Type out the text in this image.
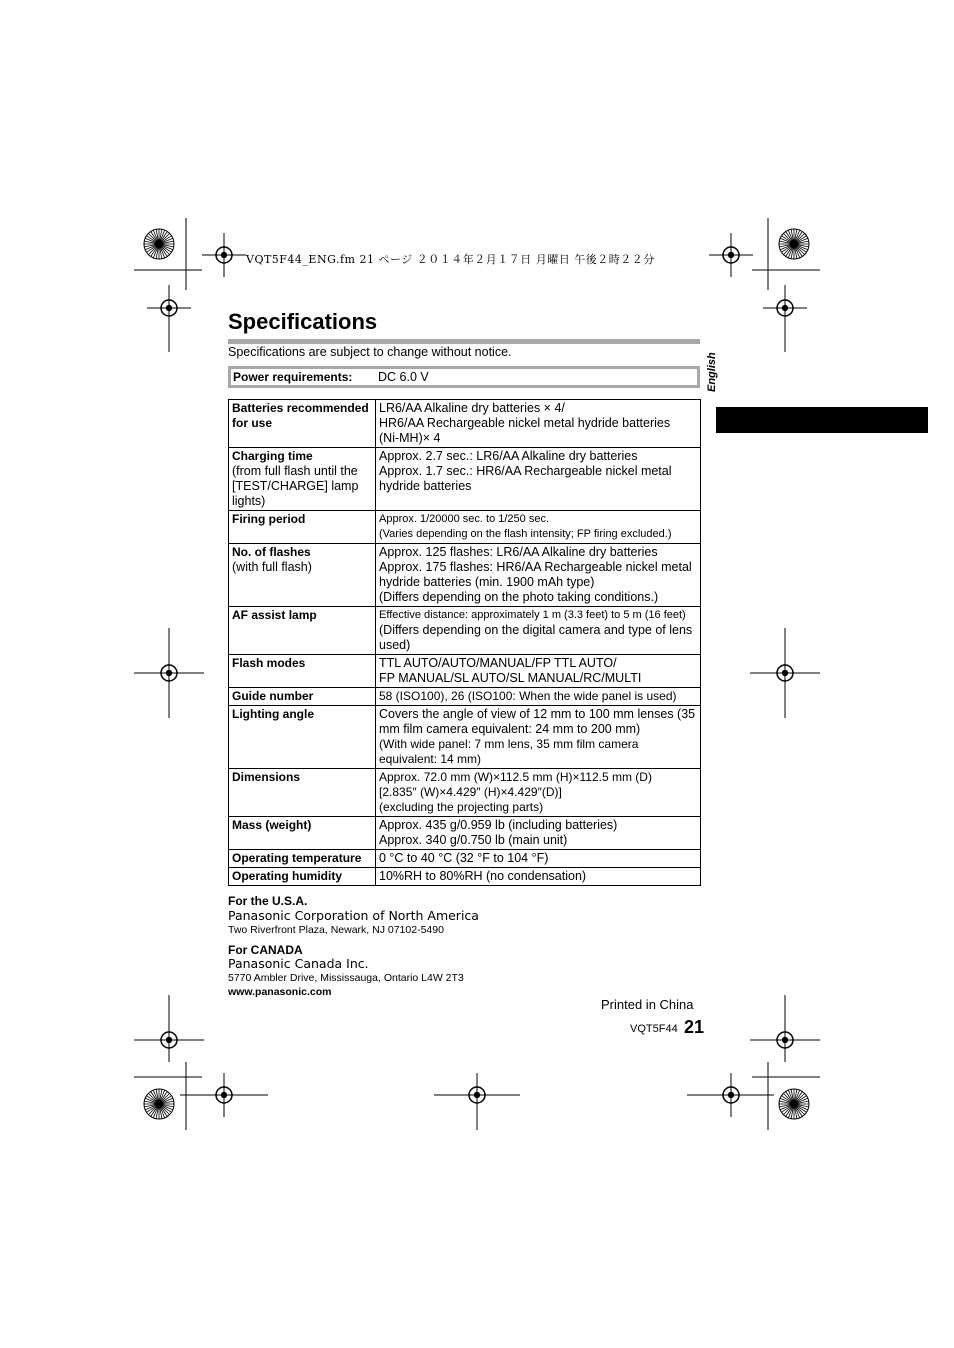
VQT5F44_ENG.fm 21 ページ ２０１４年２月１７日 月曜日 午後２時２２分
Specifications
Specifications are subject to change without notice.
Power requirements: DC 6.0 V	English
Batteries recommended for use	LR6/AA Alkaline dry batteries × 4/
HR6/AA Rechargeable nickel metal hydride batteries
(Ni-MH)× 4

Charging time
(from full flash until the [TEST/CHARGE] lamp lights)	Approx. 2.7 sec.: LR6/AA Alkaline dry batteries
Approx. 1.7 sec.: HR6/AA Rechargeable nickel metal hydride batteries

Firing period	Approx. 1/20000 sec. to 1/250 sec.
(Varies depending on the flash intensity; FP firing excluded.)

No. of flashes
(with full flash)	Approx. 125 flashes: LR6/AA Alkaline dry batteries
Approx. 175 flashes: HR6/AA Rechargeable nickel metal hydride batteries (min. 1900 mAh type)
(Differs depending on the photo taking conditions.)

AF assist lamp	Effective distance: approximately 1 m (3.3 feet) to 5 m (16 feet)
(Differs depending on the digital camera and type of lens used)

Flash modes	TTL AUTO/AUTO/MANUAL/FP TTL AUTO/
FP MANUAL/SL AUTO/SL MANUAL/RC/MULTI

Guide number	58 (ISO100), 26 (ISO100: When the wide panel is used)

Lighting angle	Covers the angle of view of 12 mm to 100 mm lenses (35 mm film camera equivalent: 24 mm to 200 mm)
(With wide panel: 7 mm lens, 35 mm film camera equivalent: 14 mm)

Dimensions	Approx. 72.0 mm (W)×112.5 mm (H)×112.5 mm (D)
[2.835″ (W)×4.429″ (H)×4.429″(D)]
(excluding the projecting parts)

Mass (weight)	Approx. 435 g/0.959 lb (including batteries)
Approx. 340 g/0.750 lb (main unit)

Operating temperature	0 °C to 40 °C (32 °F to 104 °F)

Operating humidity	10%RH to 80%RH (no condensation)
For the U.S.A.
Panasonic Corporation of North America
Two Riverfront Plaza, Newark, NJ 07102-5490
For CANADA
Panasonic Canada Inc.
5770 Ambler Drive, Mississauga, Ontario L4W 2T3
www.panasonic.com
Printed in China
VQT5F44 21
